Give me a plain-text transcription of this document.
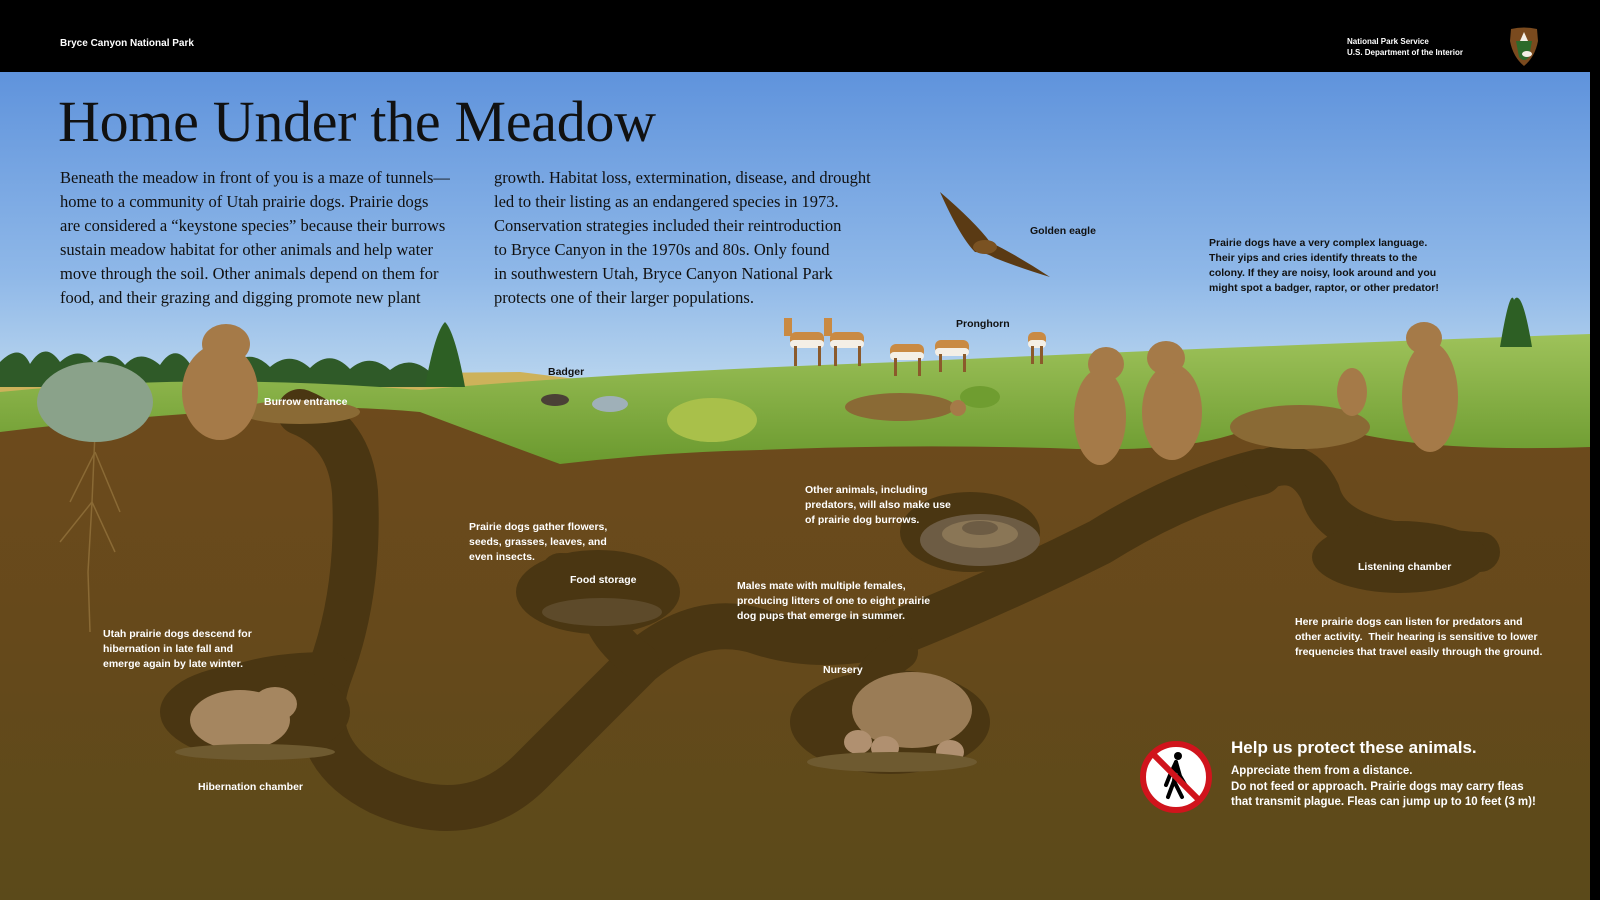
Bryce Canyon National Park	National Park Service
U.S. Department of the Interior
Home Under the Meadow

Beneath the meadow in front of you is a maze of tunnels—
home to a community of Utah prairie dogs. Prairie dogs
are considered a “keystone species” because their burrows
sustain meadow habitat for other animals and help water
move through the soil. Other animals depend on them for
food, and their grazing and digging promote new plant

growth. Habitat loss, extermination, disease, and drought
led to their listing as an endangered species in 1973.
Conservation strategies included their reintroduction
to Bryce Canyon in the 1970s and 80s. Only found
in southwestern Utah, Bryce Canyon National Park
protects one of their larger populations.

Golden eagle
Pronghorn
Badger
Burrow entrance
Food storage
Listening chamber
Nursery
Hibernation chamber

Prairie dogs have a very complex language.
Their yips and cries identify threats to the
colony. If they are noisy, look around and you
might spot a badger, raptor, or other predator!

Other animals, including
predators, will also make use
of prairie dog burrows.

Prairie dogs gather flowers,
seeds, grasses, leaves, and
even insects.

Males mate with multiple females,
producing litters of one to eight prairie
dog pups that emerge in summer.

Utah prairie dogs descend for
hibernation in late fall and
emerge again by late winter.

Here prairie dogs can listen for predators and
other activity.  Their hearing is sensitive to lower
frequencies that travel easily through the ground.

Help us protect these animals.

Appreciate them from a distance.
Do not feed or approach. Prairie dogs may carry fleas
that transmit plague. Fleas can jump up to 10 feet (3 m)!
